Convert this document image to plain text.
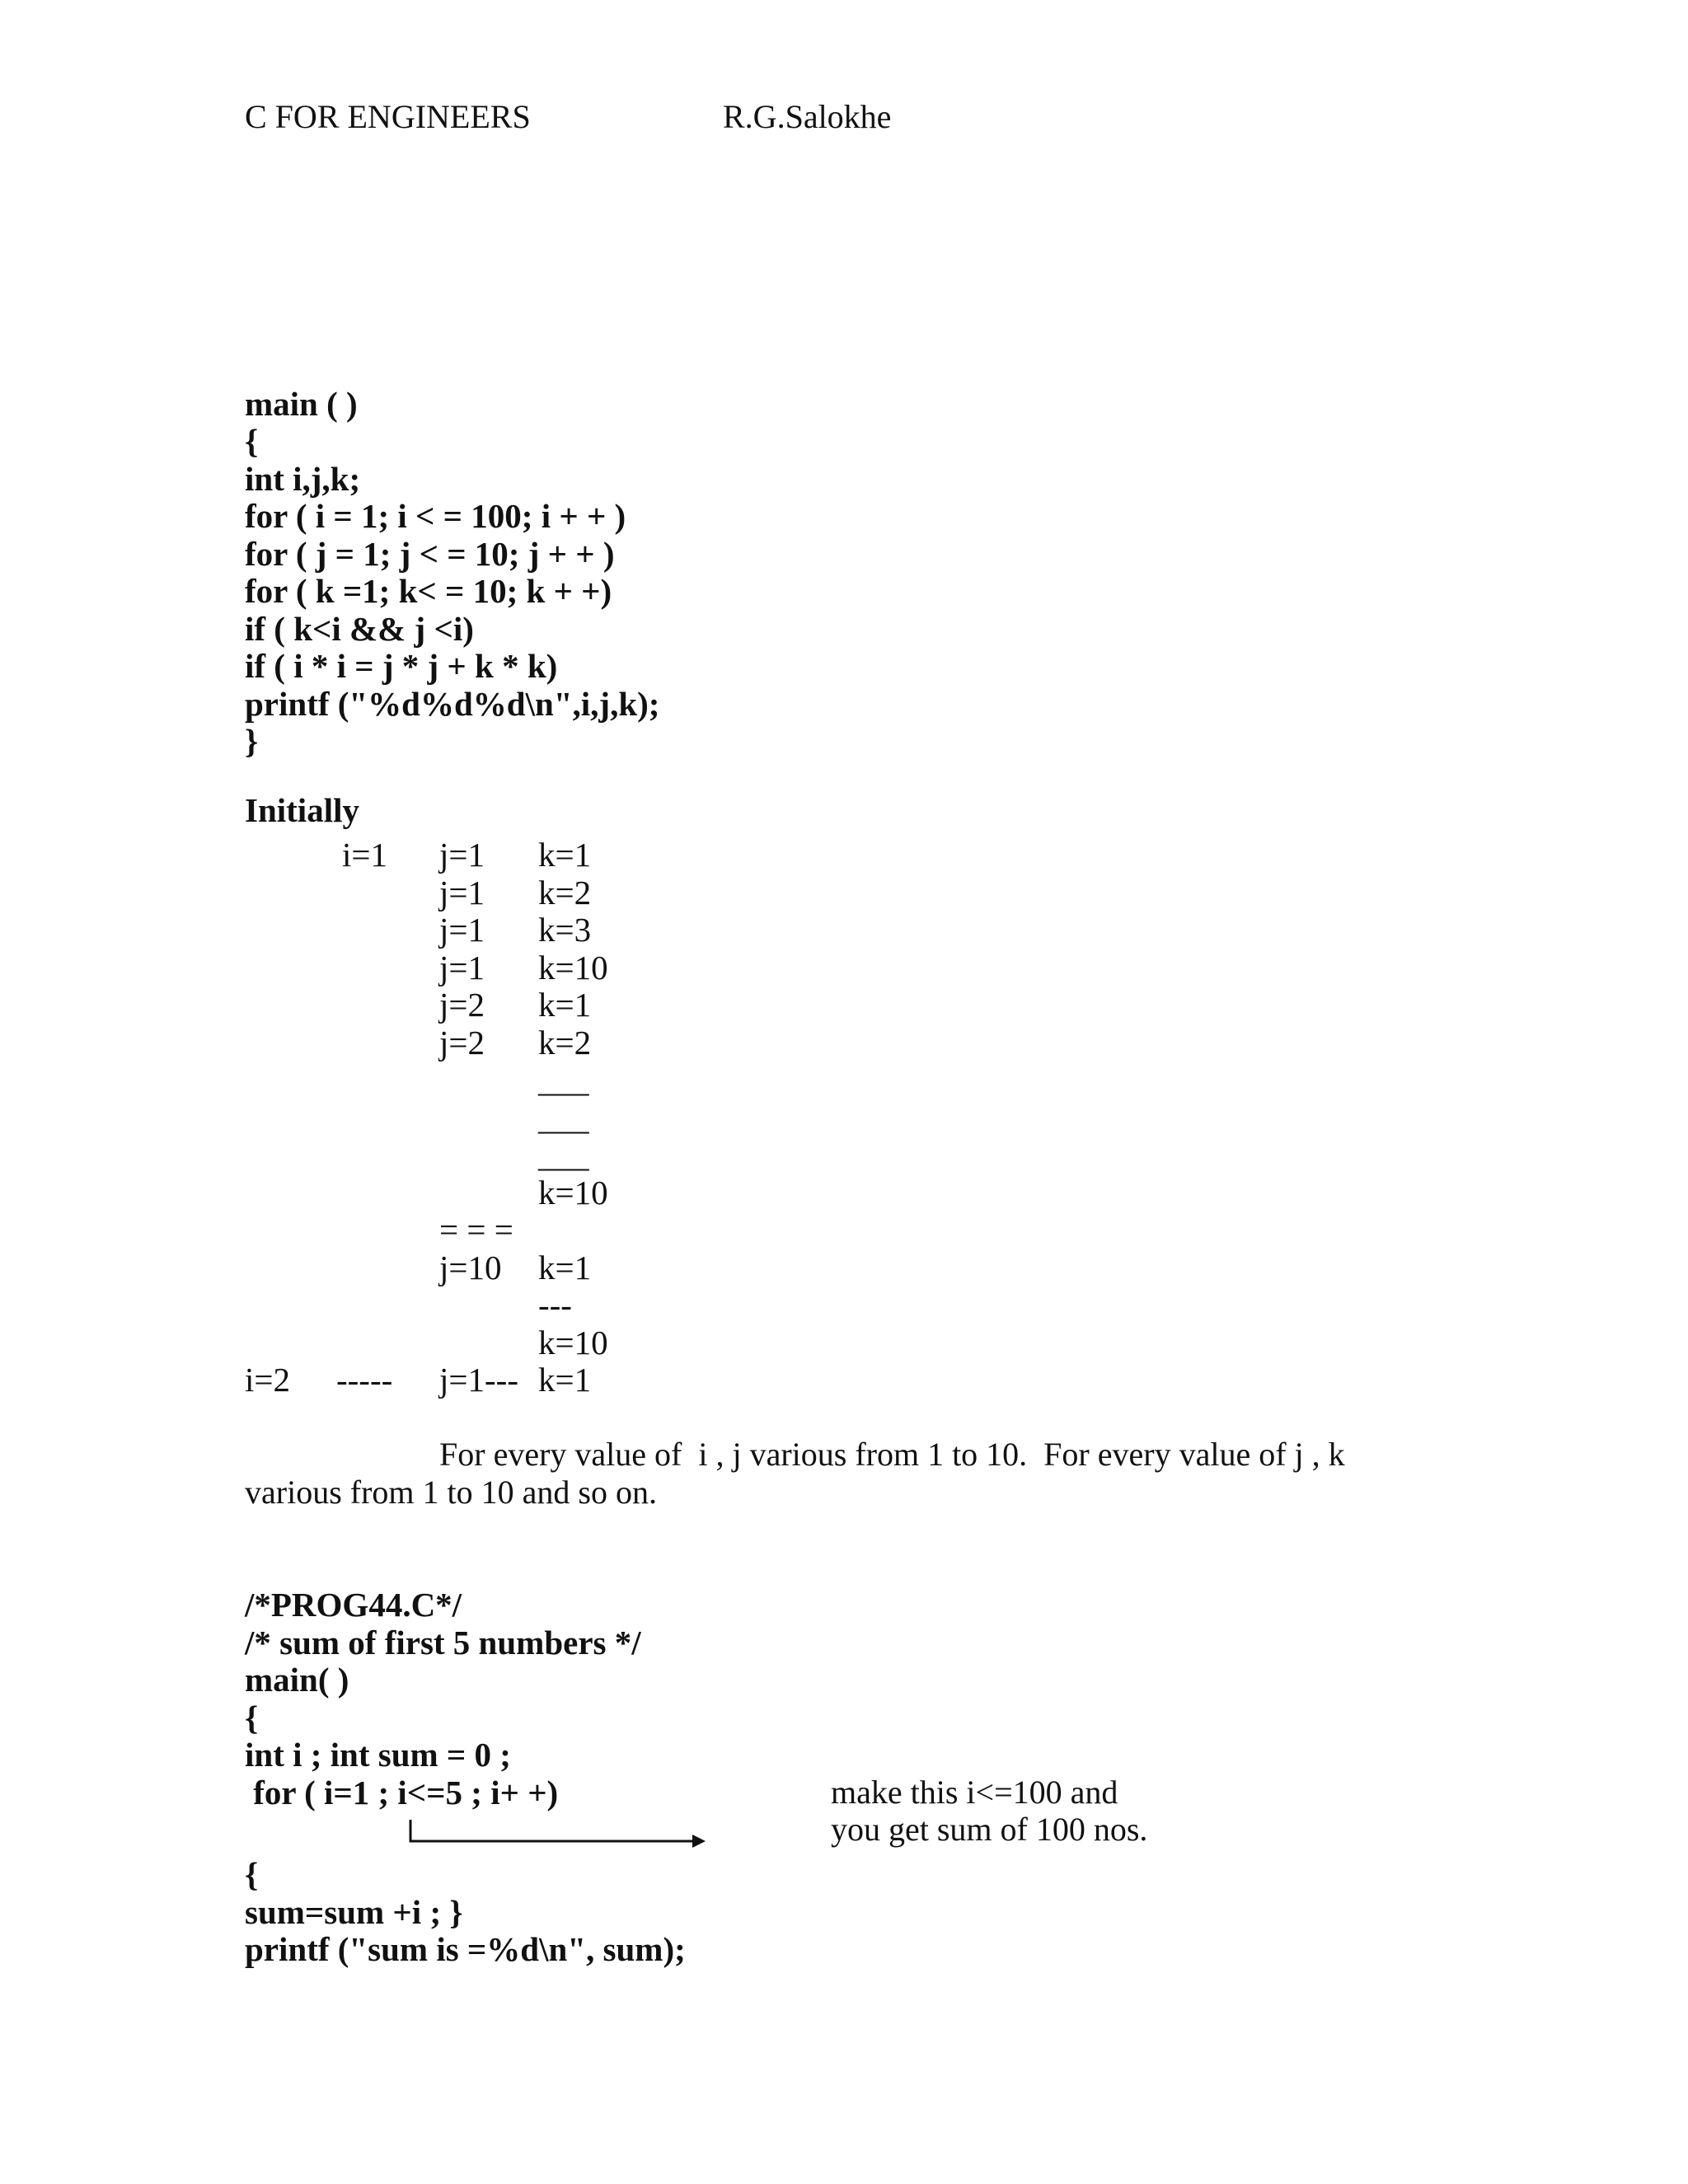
C FOR ENGINEERS	R.G.Salokhe
main ( )
{
int i,j,k;
for ( i = 1; i < = 100; i + + )
for ( j = 1; j < = 10; j + + )
for ( k =1; k< = 10; k + +)
if ( k<i && j <i)
if ( i * i = j * j + k * k)
printf ("%d%d%d\n",i,j,k);
}
Initially
i=1 j=1
j=1
j=1
j=1
j=2
j=2
k=1
k=2
k=3
k=10
k=1
k=2
___
___
___
k=10
= = =
j=10 k=1
---
k=10
i=2 ----- j=1--- k=1
For every value of  i , j various from 1 to 10.  For every value of j , k
various from 1 to 10 and so on.
/*PROG44.C*/
/* sum of first 5 numbers */
main( )
{
int i ; int sum = 0 ;
for ( i=1 ; i<=5 ; i+ +)
{
sum=sum +i ; }
printf ("sum is =%d\n", sum);
make this i<=100 and
you get sum of 100 nos.
